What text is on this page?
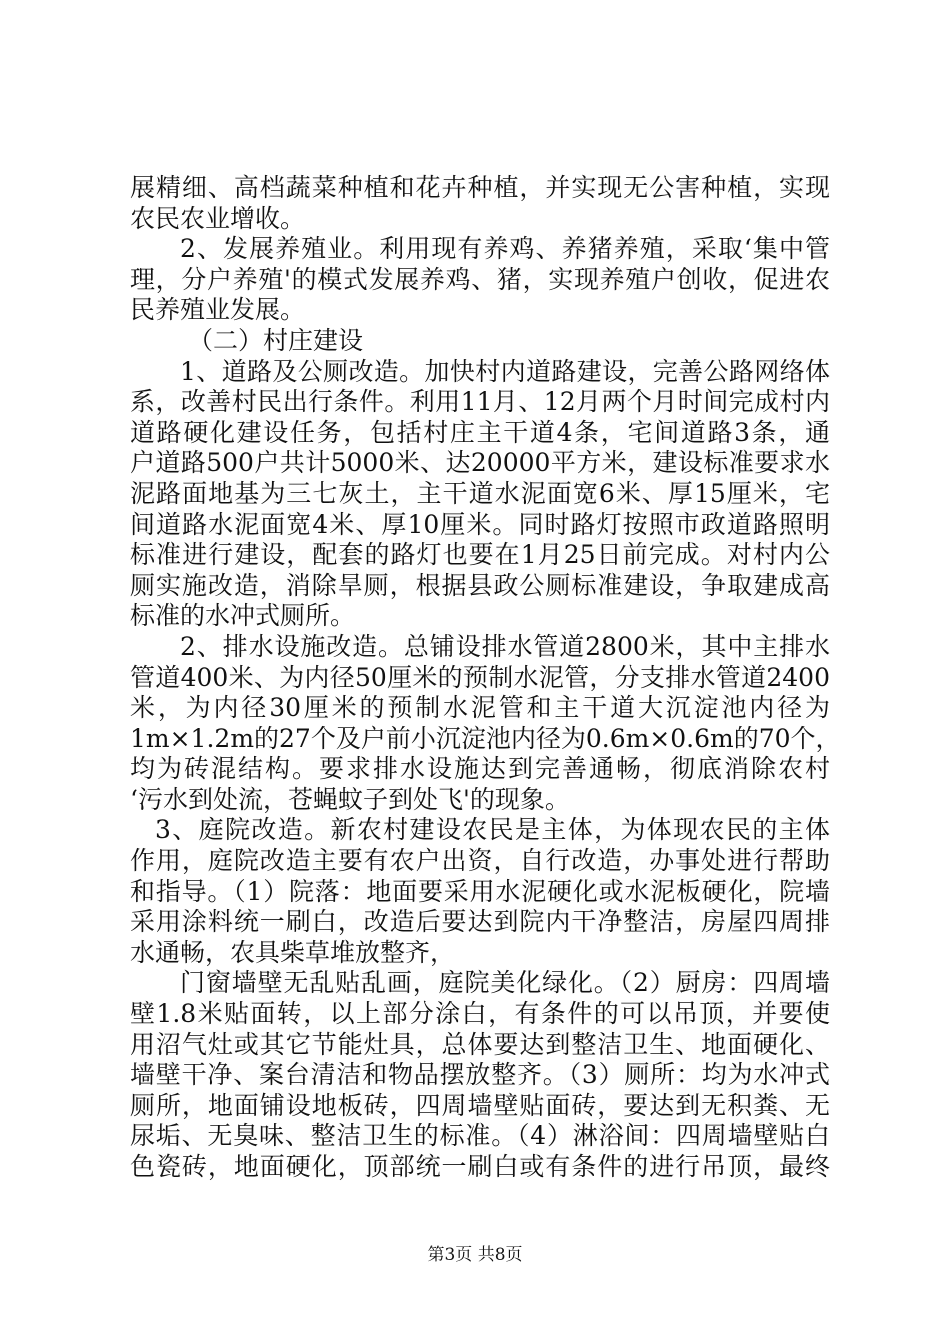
展精细、高档蔬菜种植和花卉种植，并实现无公害种植，实现
农民农业增收。
2、发展养殖业。利用现有养鸡、养猪养殖，采取‘集中管
理，分户养殖'的模式发展养鸡、猪，实现养殖户创收，促进农
民养殖业发展。
（二）村庄建设
1、道路及公厕改造。加快村内道路建设，完善公路网络体
系，改善村民出行条件。利用11月、12月两个月时间完成村内
道路硬化建设任务，包括村庄主干道4条，宅间道路3条，通
户道路500户共计5000米、达20000平方米，建设标准要求水
泥路面地基为三七灰土，主干道水泥面宽6米、厚15厘米，宅
间道路水泥面宽4米、厚10厘米。同时路灯按照市政道路照明
标准进行建设，配套的路灯也要在1月25日前完成。对村内公
厕实施改造，消除旱厕，根据县政公厕标准建设，争取建成高
标准的水冲式厕所。
2、排水设施改造。总铺设排水管道2800米，其中主排水
管道400米、为内径50厘米的预制水泥管，分支排水管道2400
米，为内径30厘米的预制水泥管和主干道大沉淀池内径为
1m×1.2m的27个及户前小沉淀池内径为0.6m×0.6m的70个，
均为砖混结构。要求排水设施达到完善通畅，彻底消除农村
‘污水到处流，苍蝇蚊子到处飞'的现象。
3、庭院改造。新农村建设农民是主体，为体现农民的主体
作用，庭院改造主要有农户出资，自行改造，办事处进行帮助
和指导。（1）院落：地面要采用水泥硬化或水泥板硬化，院墙
采用涂料统一刷白，改造后要达到院内干净整洁，房屋四周排
水通畅，农具柴草堆放整齐，
门窗墙壁无乱贴乱画，庭院美化绿化。（2）厨房：四周墙
壁1.8米贴面转，以上部分涂白，有条件的可以吊顶，并要使
用沼气灶或其它节能灶具，总体要达到整洁卫生、地面硬化、
墙壁干净、案台清洁和物品摆放整齐。（3）厕所：均为水冲式
厕所，地面铺设地板砖，四周墙壁贴面砖，要达到无积粪、无
尿垢、无臭味、整洁卫生的标准。（4）淋浴间：四周墙壁贴白
色瓷砖，地面硬化，顶部统一刷白或有条件的进行吊顶，最终
第3页 共8页
